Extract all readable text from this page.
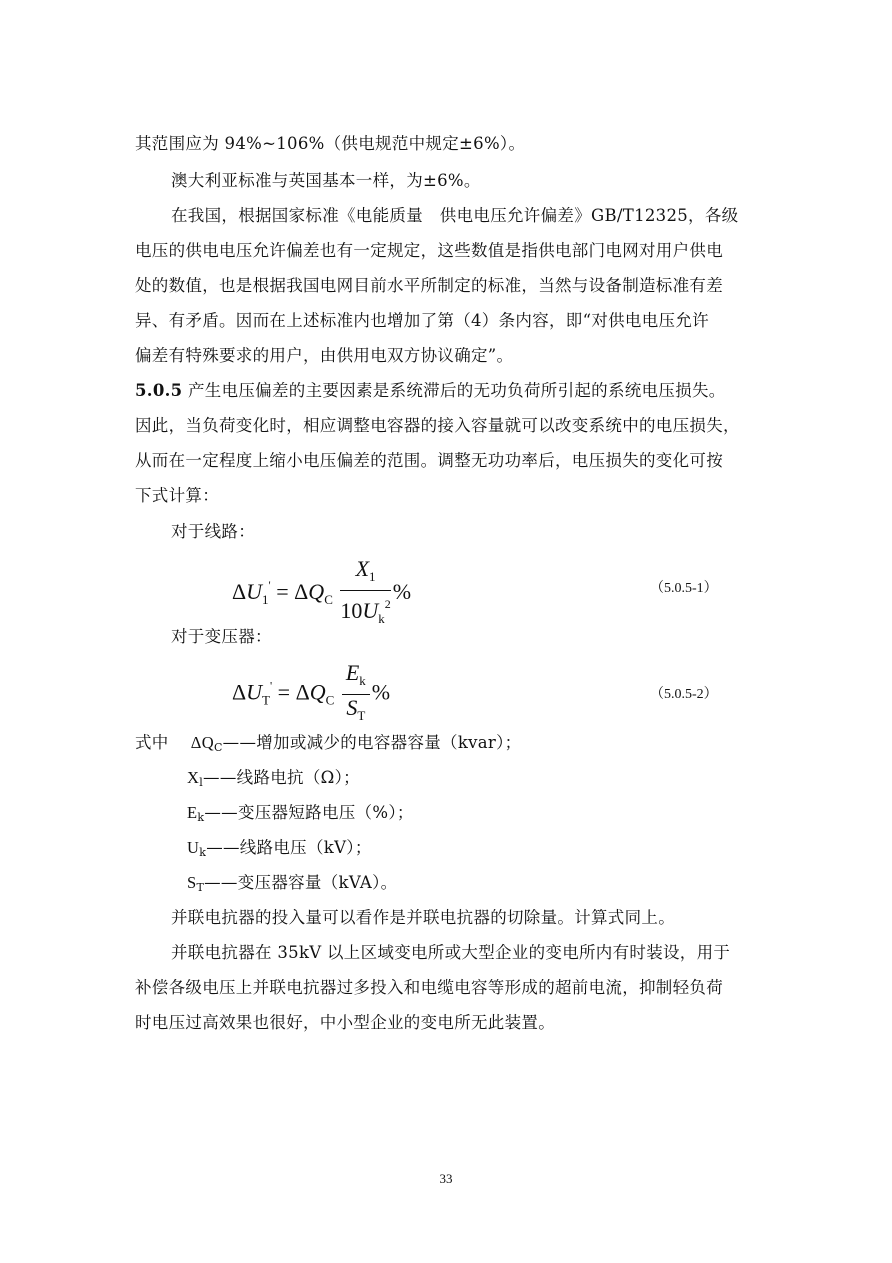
其范围应为 94%~106%（供电规范中规定±6%）。
澳大利亚标准与英国基本一样，为±6%。
在我国，根据国家标准《电能质量　供电电压允许偏差》GB/T12325，各级
电压的供电电压允许偏差也有一定规定，这些数值是指供电部门电网对用户供电
处的数值，也是根据我国电网目前水平所制定的标准，当然与设备制造标准有差
异、有矛盾。因而在上述标准内也增加了第（4）条内容，即“对供电电压允许
偏差有特殊要求的用户，由供用电双方协议确定”。
5.0.5 产生电压偏差的主要因素是系统滞后的无功负荷所引起的系统电压损失。
因此，当负荷变化时，相应调整电容器的接入容量就可以改变系统中的电压损失，
从而在一定程度上缩小电压偏差的范围。调整无功功率后，电压损失的变化可按
下式计算：
对于线路：
$\Delta U_1' = \Delta Q_C \frac{X_1}{10U_k^2}$ %	（5.0.5-1）
对于变压器：
$\Delta U_T' = \Delta Q_C \frac{E_k}{S_T}$ %	（5.0.5-2）
式中 ΔQC——增加或减少的电容器容量（kvar）；
Xl——线路电抗（Ω）；
Ek——变压器短路电压（%）；
Uk——线路电压（kV）；
ST——变压器容量（kVA）。
并联电抗器的投入量可以看作是并联电抗器的切除量。计算式同上。
并联电抗器在 35kV 以上区域变电所或大型企业的变电所内有时装设，用于
补偿各级电压上并联电抗器过多投入和电缆电容等形成的超前电流，抑制轻负荷
时电压过高效果也很好，中小型企业的变电所无此装置。
33
